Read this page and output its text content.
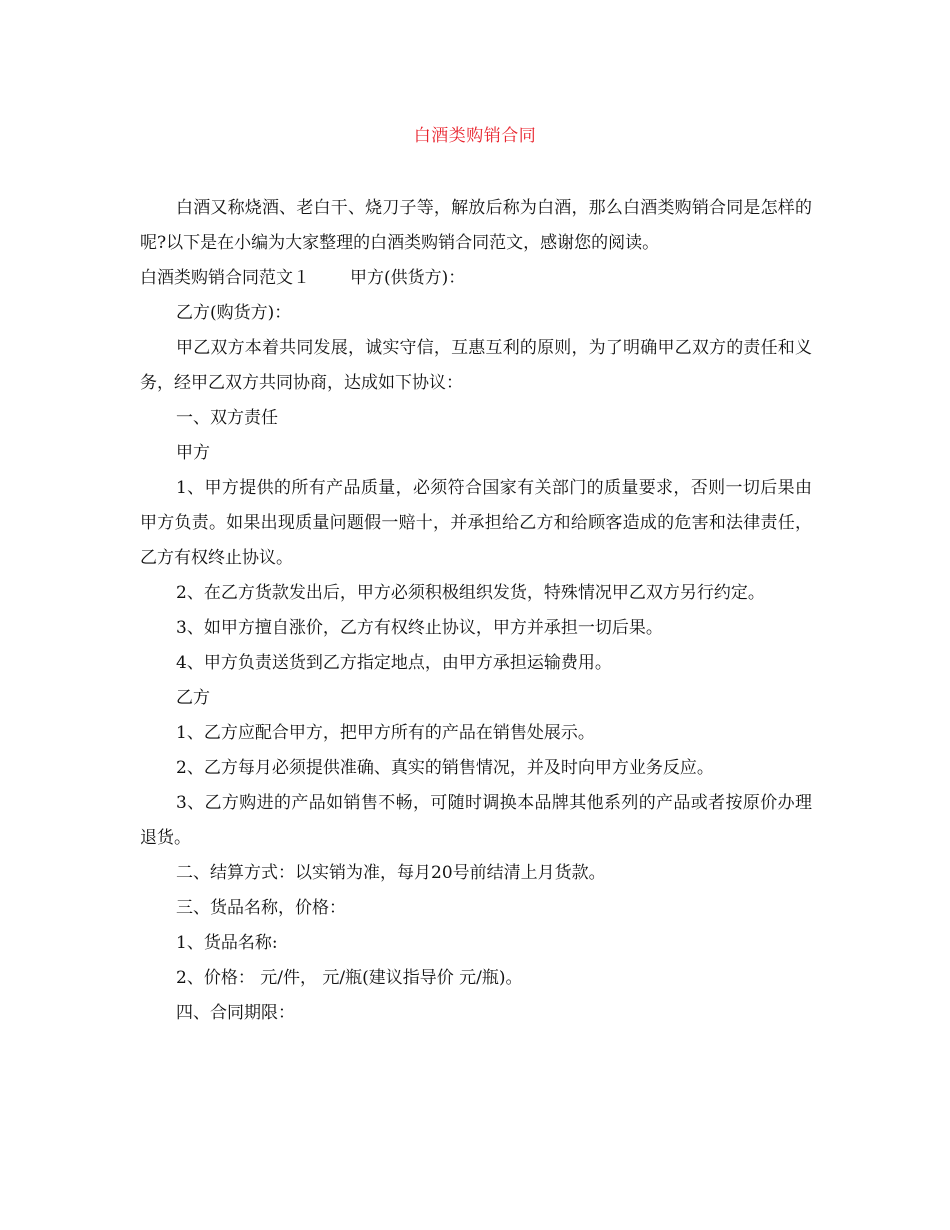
白酒类购销合同

白酒又称烧酒、老白干、烧刀子等，解放后称为白酒，那么白酒类购销合同是怎样的呢?以下是在小编为大家整理的白酒类购销合同范文，感谢您的阅读。

白酒类购销合同范文１ 甲方(供货方)：

乙方(购货方)：

甲乙双方本着共同发展，诚实守信，互惠互利的原则，为了明确甲乙双方的责任和义务，经甲乙双方共同协商，达成如下协议：

一、双方责任

甲方

1、甲方提供的所有产品质量，必须符合国家有关部门的质量要求，否则一切后果由甲方负责。如果出现质量问题假一赔十，并承担给乙方和给顾客造成的危害和法律责任，乙方有权终止协议。

2、在乙方货款发出后，甲方必须积极组织发货，特殊情况甲乙双方另行约定。

3、如甲方擅自涨价，乙方有权终止协议，甲方并承担一切后果。

4、甲方负责送货到乙方指定地点，由甲方承担运输费用。

乙方

1、乙方应配合甲方，把甲方所有的产品在销售处展示。

2、乙方每月必须提供准确、真实的销售情况，并及时向甲方业务反应。

3、乙方购进的产品如销售不畅，可随时调换本品牌其他系列的产品或者按原价办理退货。

二、结算方式：以实销为准，每月20号前结清上月货款。

三、货品名称，价格：

1、货品名称:

2、价格： 元/件， 元/瓶(建议指导价 元/瓶)。

四、合同期限：
